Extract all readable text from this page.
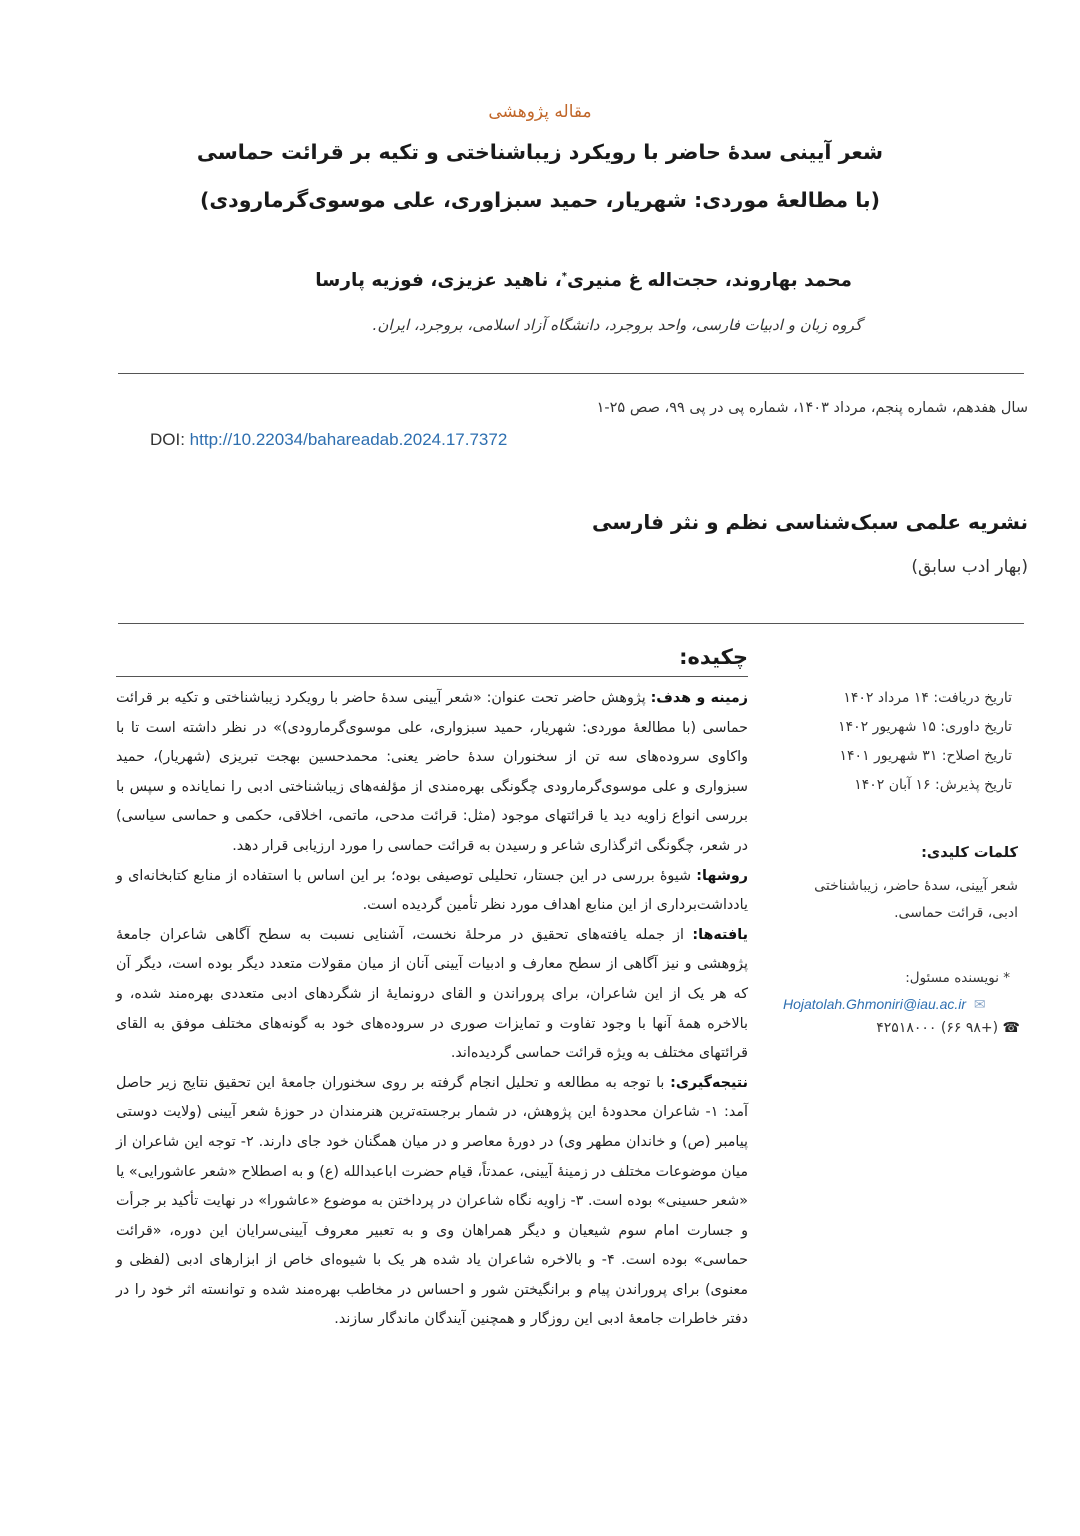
مقاله پژوهشی
شعر آیینی سدۀ حاضر با رویکرد زیباشناختی و تکیه بر قرائت حماسی
(با مطالعۀ موردی: شهریار، حمید سبزاوری، علی موسوی‌گرمارودی)
محمد بهاروند، حجت‌اله غ منیری*، ناهید عزیزی، فوزیه پارسا
گروه زبان و ادبیات فارسی، واحد بروجرد، دانشگاه آزاد اسلامی، بروجرد، ایران.
سال هفدهم، شماره پنجم، مرداد ۱۴۰۳، شماره پی در پی ۹۹، صص ۲۵-۱
DOI: http://10.22034/bahareadab.2024.17.7372
نشریه علمی سبک‌شناسی نظم و نثر فارسی
(بهار ادب سابق)
چکیده:

زمینه و هدف: پژوهش حاضر تحت عنوان: «شعر آیینی سدۀ حاضر با رویکرد زیباشناختی و تکیه بر قرائت حماسی (با مطالعۀ موردی: شهریار، حمید سبزواری، علی موسوی‌گرمارودی)» در نظر داشته است تا با واکاوی سروده‌های سه تن از سخنوران سدۀ حاضر یعنی: محمدحسین بهجت تبریزی (شهریار)، حمید سبزواری و علی موسوی‌گرمارودی چگونگی بهره‌مندی از مؤلفه‌های زیباشناختی ادبی را نمایانده و سپس با بررسی انواع زاویه دید یا قرائتهای موجود (مثل: قرائت مدحی، ماتمی، اخلاقی، حکمی و حماسی سیاسی) در شعر، چگونگی اثرگذاری شاعر و رسیدن به قرائت حماسی را مورد ارزیابی قرار دهد.

روشها: شیوۀ بررسی در این جستار، تحلیلی توصیفی بوده؛ بر این اساس با استفاده از منابع کتابخانه‌ای و یادداشت‌برداری از این منابع اهداف مورد نظر تأمین گردیده است.

یافته‌ها: از جمله یافته‌های تحقیق در مرحلۀ نخست، آشنایی نسبت به سطح آگاهی شاعران جامعۀ پژوهشی و نیز آگاهی از سطح معارف و ادبیات آیینی آنان از میان مقولات متعدد دیگر بوده است، دیگر آن که هر یک از این شاعران، برای پروراندن و القای درونمایۀ از شگردهای ادبی متعددی بهره‌مند شده، و بالاخره همۀ آنها با وجود تفاوت و تمایزات صوری در سروده‌های خود به گونه‌های مختلف موفق به القای قرائتهای مختلف به ویژه قرائت حماسی گردیده‌اند.

نتیجه‌گیری: با توجه به مطالعه و تحلیل انجام گرفته بر روی سخنوران جامعۀ این تحقیق نتایج زیر حاصل آمد: ۱- شاعران محدودۀ این پژوهش، در شمار برجسته‌ترین هنرمندان در حوزۀ شعر آیینی (ولایت دوستی پیامبر (ص) و خاندان مطهر وی) در دورۀ معاصر و در میان همگنان خود جای دارند. ۲- توجه این شاعران از میان موضوعات مختلف در زمینۀ آیینی، عمدتاً، قیام حضرت اباعبدالله (ع) و به اصطلاح «شعر عاشورایی» یا «شعر حسینی» بوده است. ۳- زاویه نگاه شاعران در پرداختن به موضوع «عاشورا» در نهایت تأکید بر جرأت و جسارت امام سوم شیعیان و دیگر همراهان وی و به تعبیر معروف آیینی‌سرایان این دوره، «قرائت حماسی» بوده است. ۴- و بالاخره شاعران یاد شده هر یک با شیوه‌ای خاص از ابزارهای ادبی (لفظی و معنوی) برای پروراندن پیام و برانگیختن شور و احساس در مخاطب بهره‌مند شده و توانسته اثر خود را در دفتر خاطرات جامعۀ ادبی این روزگار و همچنین آیندگان ماندگار سازند.

تاریخ دریافت: ۱۴ مرداد ۱۴۰۲
تاریخ داوری: ۱۵ شهریور ۱۴۰۲
تاریخ اصلاح: ۳۱ شهریور ۱۴۰۱
تاریخ پذیرش: ۱۶ آبان ۱۴۰۲
کلمات کلیدی:
شعر آیینی، سدۀ حاضر، زیباشناختی ادبی، قرائت حماسی.
* نویسنده مسئول:
Hojatolah.Ghmoniri@iau.ac.ir  ✉
☎ (+۹۸ ۶۶) ۴۲۵۱۸۰۰۰
